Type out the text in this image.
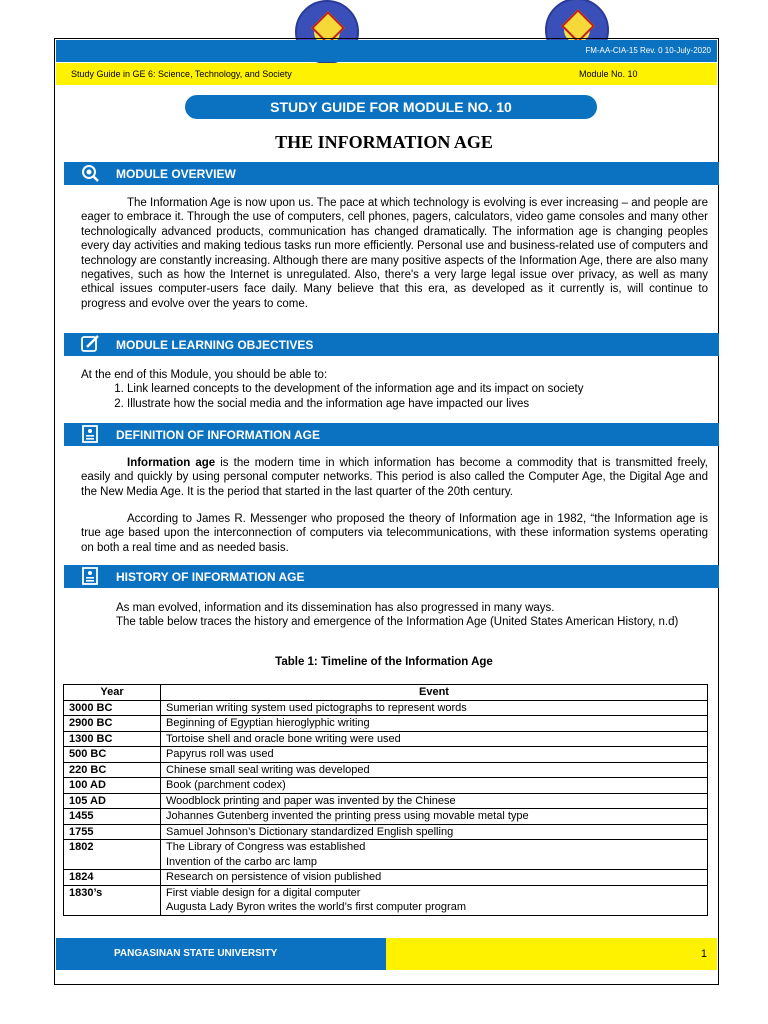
FM-AA-CIA-15 Rev. 0 10-July-2020
Study Guide in GE 6: Science, Technology, and Society	Module No. 10
STUDY GUIDE FOR MODULE NO. 10
THE INFORMATION AGE
MODULE OVERVIEW
The Information Age is now upon us. The pace at which technology is evolving is ever increasing – and people are eager to embrace it. Through the use of computers, cell phones, pagers, calculators, video game consoles and many other technologically advanced products, communication has changed dramatically. The information age is changing peoples every day activities and making tedious tasks run more efficiently. Personal use and business-related use of computers and technology are constantly increasing. Although there are many positive aspects of the Information Age, there are also many negatives, such as how the Internet is unregulated. Also, there's a very large legal issue over privacy, as well as many ethical issues computer-users face daily. Many believe that this era, as developed as it currently is, will continue to progress and evolve over the years to come.
MODULE LEARNING OBJECTIVES
At the end of this Module, you should be able to:
1. Link learned concepts to the development of the information age and its impact on society
2. Illustrate how the social media and the information age have impacted our lives
DEFINITION OF INFORMATION AGE
Information age is the modern time in which information has become a commodity that is transmitted freely, easily and quickly by using personal computer networks. This period is also called the Computer Age, the Digital Age and the New Media Age. It is the period that started in the last quarter of the 20th century.
According to James R. Messenger who proposed the theory of Information age in 1982, “the Information age is true age based upon the interconnection of computers via telecommunications, with these information systems operating on both a real time and as needed basis.
HISTORY OF INFORMATION AGE
As man evolved, information and its dissemination has also progressed in many ways.
The table below traces the history and emergence of the Information Age (United States American History, n.d)
Table 1: Timeline of the Information Age
Year	Event
3000 BC	Sumerian writing system used pictographs to represent words

2900 BC	Beginning of Egyptian hieroglyphic writing

1300 BC	Tortoise shell and oracle bone writing were used

500 BC	Papyrus roll was used

220 BC	Chinese small seal writing was developed

100 AD	Book (parchment codex)

105 AD	Woodblock printing and paper was invented by the Chinese

1455	Johannes Gutenberg invented the printing press using movable metal type

1755	Samuel Johnson’s Dictionary standardized English spelling

1802	The Library of Congress was established
Invention of the carbo arc lamp

1824	Research on persistence of vision published

1830’s	First viable design for a digital computer
Augusta Lady Byron writes the world’s first computer program
PANGASINAN STATE UNIVERSITY	1
